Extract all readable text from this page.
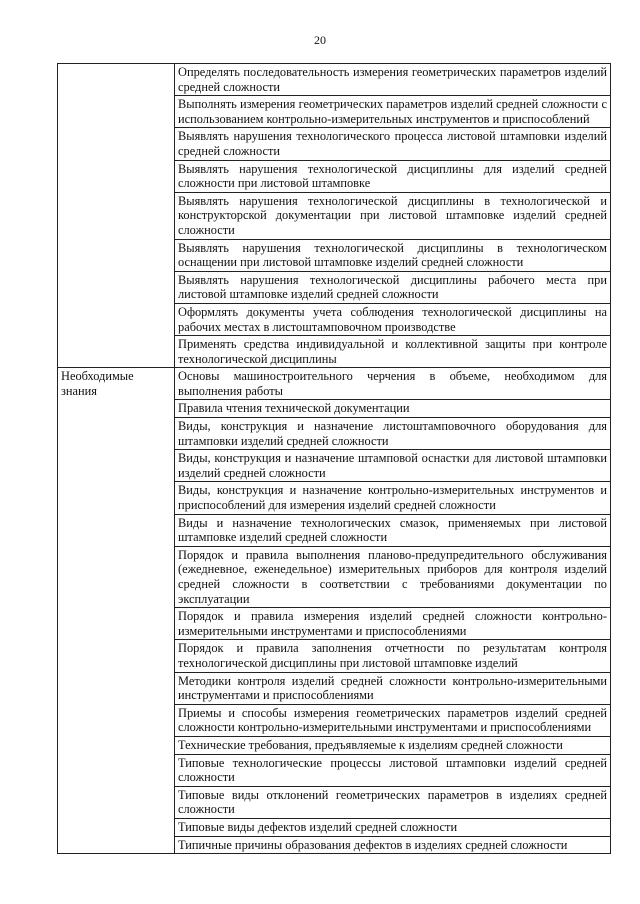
20
	Определять последовательность измерения геометрических параметров изделий средней сложности
	Выполнять измерения геометрических параметров изделий средней сложности с использованием контрольно-измерительных инструментов и приспособлений
	Выявлять нарушения технологического процесса листовой штамповки изделий средней сложности
	Выявлять нарушения технологической дисциплины для изделий средней сложности при листовой штамповке
	Выявлять нарушения технологической дисциплины в технологической и конструкторской документации при листовой штамповке изделий средней сложности
	Выявлять нарушения технологической дисциплины в технологическом оснащении при листовой штамповке изделий средней сложности
	Выявлять нарушения технологической дисциплины рабочего места при листовой штамповке изделий средней сложности
	Оформлять документы учета соблюдения технологической дисциплины на рабочих местах в листоштамповочном производстве
	Применять средства индивидуальной и коллективной защиты при контроле технологической дисциплины
Необходимые знания	Основы машиностроительного черчения в объеме, необходимом для выполнения работы
	Правила чтения технической документации
	Виды, конструкция и назначение листоштамповочного оборудования для штамповки изделий средней сложности
	Виды, конструкция и назначение штамповой оснастки для листовой штамповки изделий средней сложности
	Виды, конструкция и назначение контрольно-измерительных инструментов и приспособлений для измерения изделий средней сложности
	Виды и назначение технологических смазок, применяемых при листовой штамповке изделий средней сложности
	Порядок и правила выполнения планово-предупредительного обслуживания (ежедневное, еженедельное) измерительных приборов для контроля изделий средней сложности в соответствии с требованиями документации по эксплуатации
	Порядок и правила измерения изделий средней сложности контрольно-измерительными инструментами и приспособлениями
	Порядок и правила заполнения отчетности по результатам контроля технологической дисциплины при листовой штамповке изделий
	Методики контроля изделий средней сложности контрольно-измерительными инструментами и приспособлениями
	Приемы и способы измерения геометрических параметров изделий средней сложности контрольно-измерительными инструментами и приспособлениями
	Технические требования, предъявляемые к изделиям средней сложности
	Типовые технологические процессы листовой штамповки изделий средней сложности
	Типовые виды отклонений геометрических параметров в изделиях средней сложности
	Типовые виды дефектов изделий средней сложности
	Типичные причины образования дефектов в изделиях средней сложности
